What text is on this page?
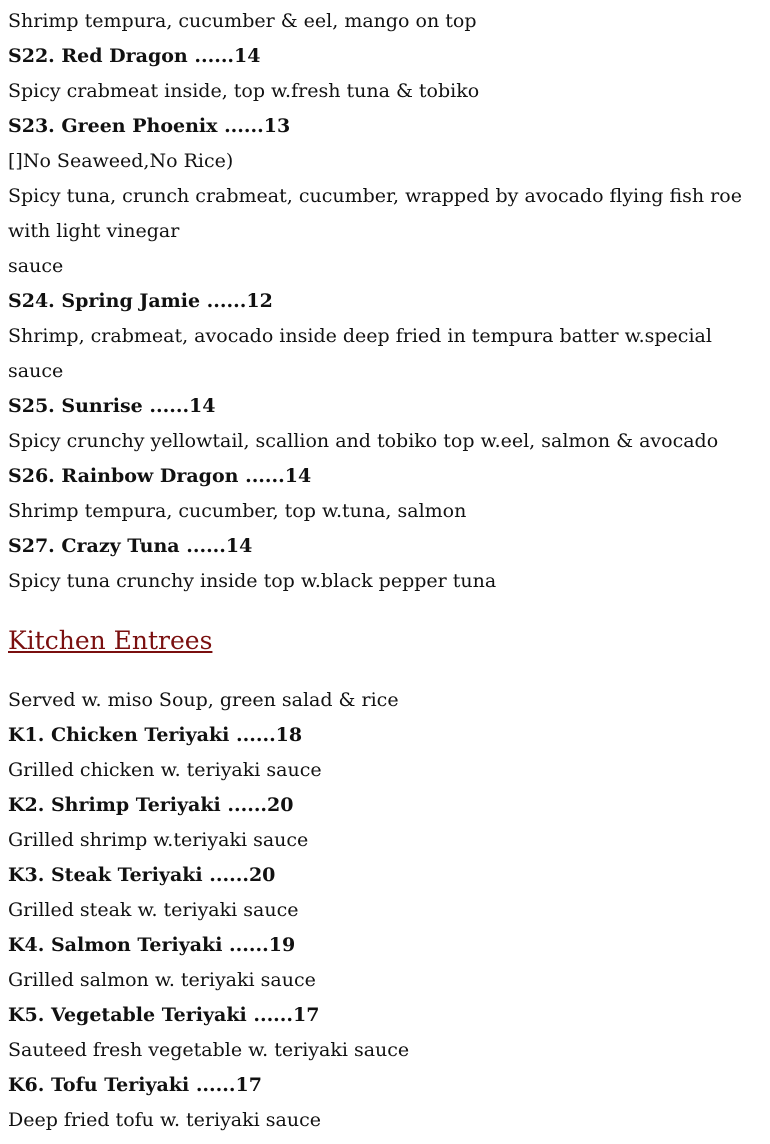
Shrimp tempura, cucumber & eel, mango on top

S22. Red Dragon ......14

Spicy crabmeat inside, top w.fresh tuna & tobiko

S23. Green Phoenix ......13

[]No Seaweed,No Rice)

Spicy tuna, crunch crabmeat, cucumber, wrapped by avocado flying fish roe with light vinegar

sauce

S24. Spring Jamie ......12

Shrimp, crabmeat, avocado inside deep fried in tempura batter w.special sauce

S25. Sunrise ......14

Spicy crunchy yellowtail, scallion and tobiko top w.eel, salmon & avocado

S26. Rainbow Dragon ......14

Shrimp tempura, cucumber, top w.tuna, salmon

S27. Crazy Tuna ......14

Spicy tuna crunchy inside top w.black pepper tuna

Kitchen Entrees

Served w. miso Soup, green salad & rice

K1. Chicken Teriyaki ......18

Grilled chicken w. teriyaki sauce

K2. Shrimp Teriyaki ......20

Grilled shrimp w.teriyaki sauce

K3. Steak Teriyaki ......20

Grilled steak w. teriyaki sauce

K4. Salmon Teriyaki ......19

Grilled salmon w. teriyaki sauce

K5. Vegetable Teriyaki ......17

Sauteed fresh vegetable w. teriyaki sauce

K6. Tofu Teriyaki ......17

Deep fried tofu w. teriyaki sauce
